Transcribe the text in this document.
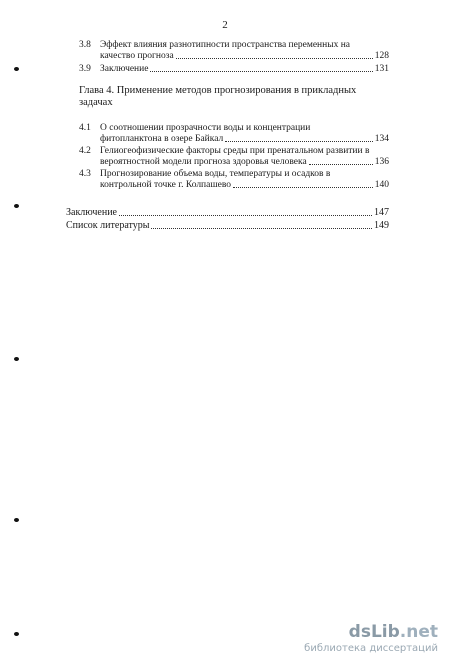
2
3.8 Эффект влияния разнотипности пространства переменных на
качество прогноза	128
3.9 Заключение	131
Глава 4. Применение методов прогнозирования в прикладных
задачах
4.1 О соотношении прозрачности воды и концентрации
фитопланктона в озере Байкал	134
4.2 Гелиогеофизические факторы среды при пренатальном развитии в
вероятностной модели прогноза здоровья человека	136
4.3 Прогнозирование объема воды, температуры и осадков в
контрольной точке г. Колпашево	140
Заключение	147
Список литературы	149
dsLib.net
библиотека диссертаций
